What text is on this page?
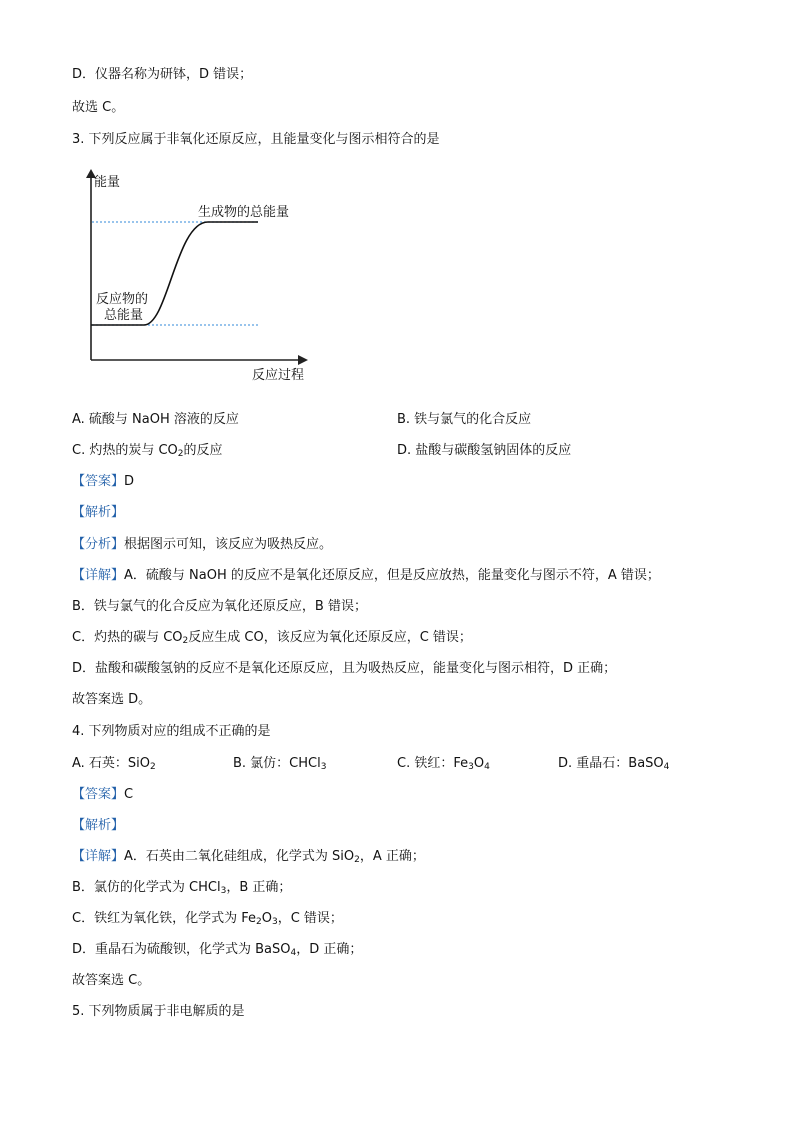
D．仪器名称为研钵，D 错误；
故选 C。
3. 下列反应属于非氧化还原反应，且能量变化与图示相符合的是
能量
生成物的总能量
反应物的
总能量
反应过程
A. 硫酸与 NaOH 溶液的反应	B. 铁与氯气的化合反应
C. 灼热的炭与 $CO_2$的反应	D. 盐酸与碳酸氢钠固体的反应
【答案】D
【解析】
【分析】根据图示可知，该反应为吸热反应。
【详解】A．硫酸与 NaOH 的反应不是氧化还原反应，但是反应放热，能量变化与图示不符，A 错误；
B．铁与氯气的化合反应为氧化还原反应，B 错误；
C．灼热的碳与 $CO_2$反应生成 CO，该反应为氧化还原反应，C 错误；
D．盐酸和碳酸氢钠的反应不是氧化还原反应，且为吸热反应，能量变化与图示相符，D 正确；
故答案选 D。
4. 下列物质对应的组成不正确的是
A. 石英：SiO$_2$	B. 氯仿：CHCl$_3$	C. 铁红：$Fe_3O_4$	D. 重晶石：BaSO$_4$
【答案】C
【解析】
【详解】A．石英由二氧化硅组成，化学式为 SiO$_2$，A 正确；
B．氯仿的化学式为 CHCl$_3$，B 正确；
C．铁红为氧化铁，化学式为 $Fe_2O_3$，C 错误；
D．重晶石为硫酸钡，化学式为 BaSO$_4$，D 正确；
故答案选 C。
5. 下列物质属于非电解质的是
